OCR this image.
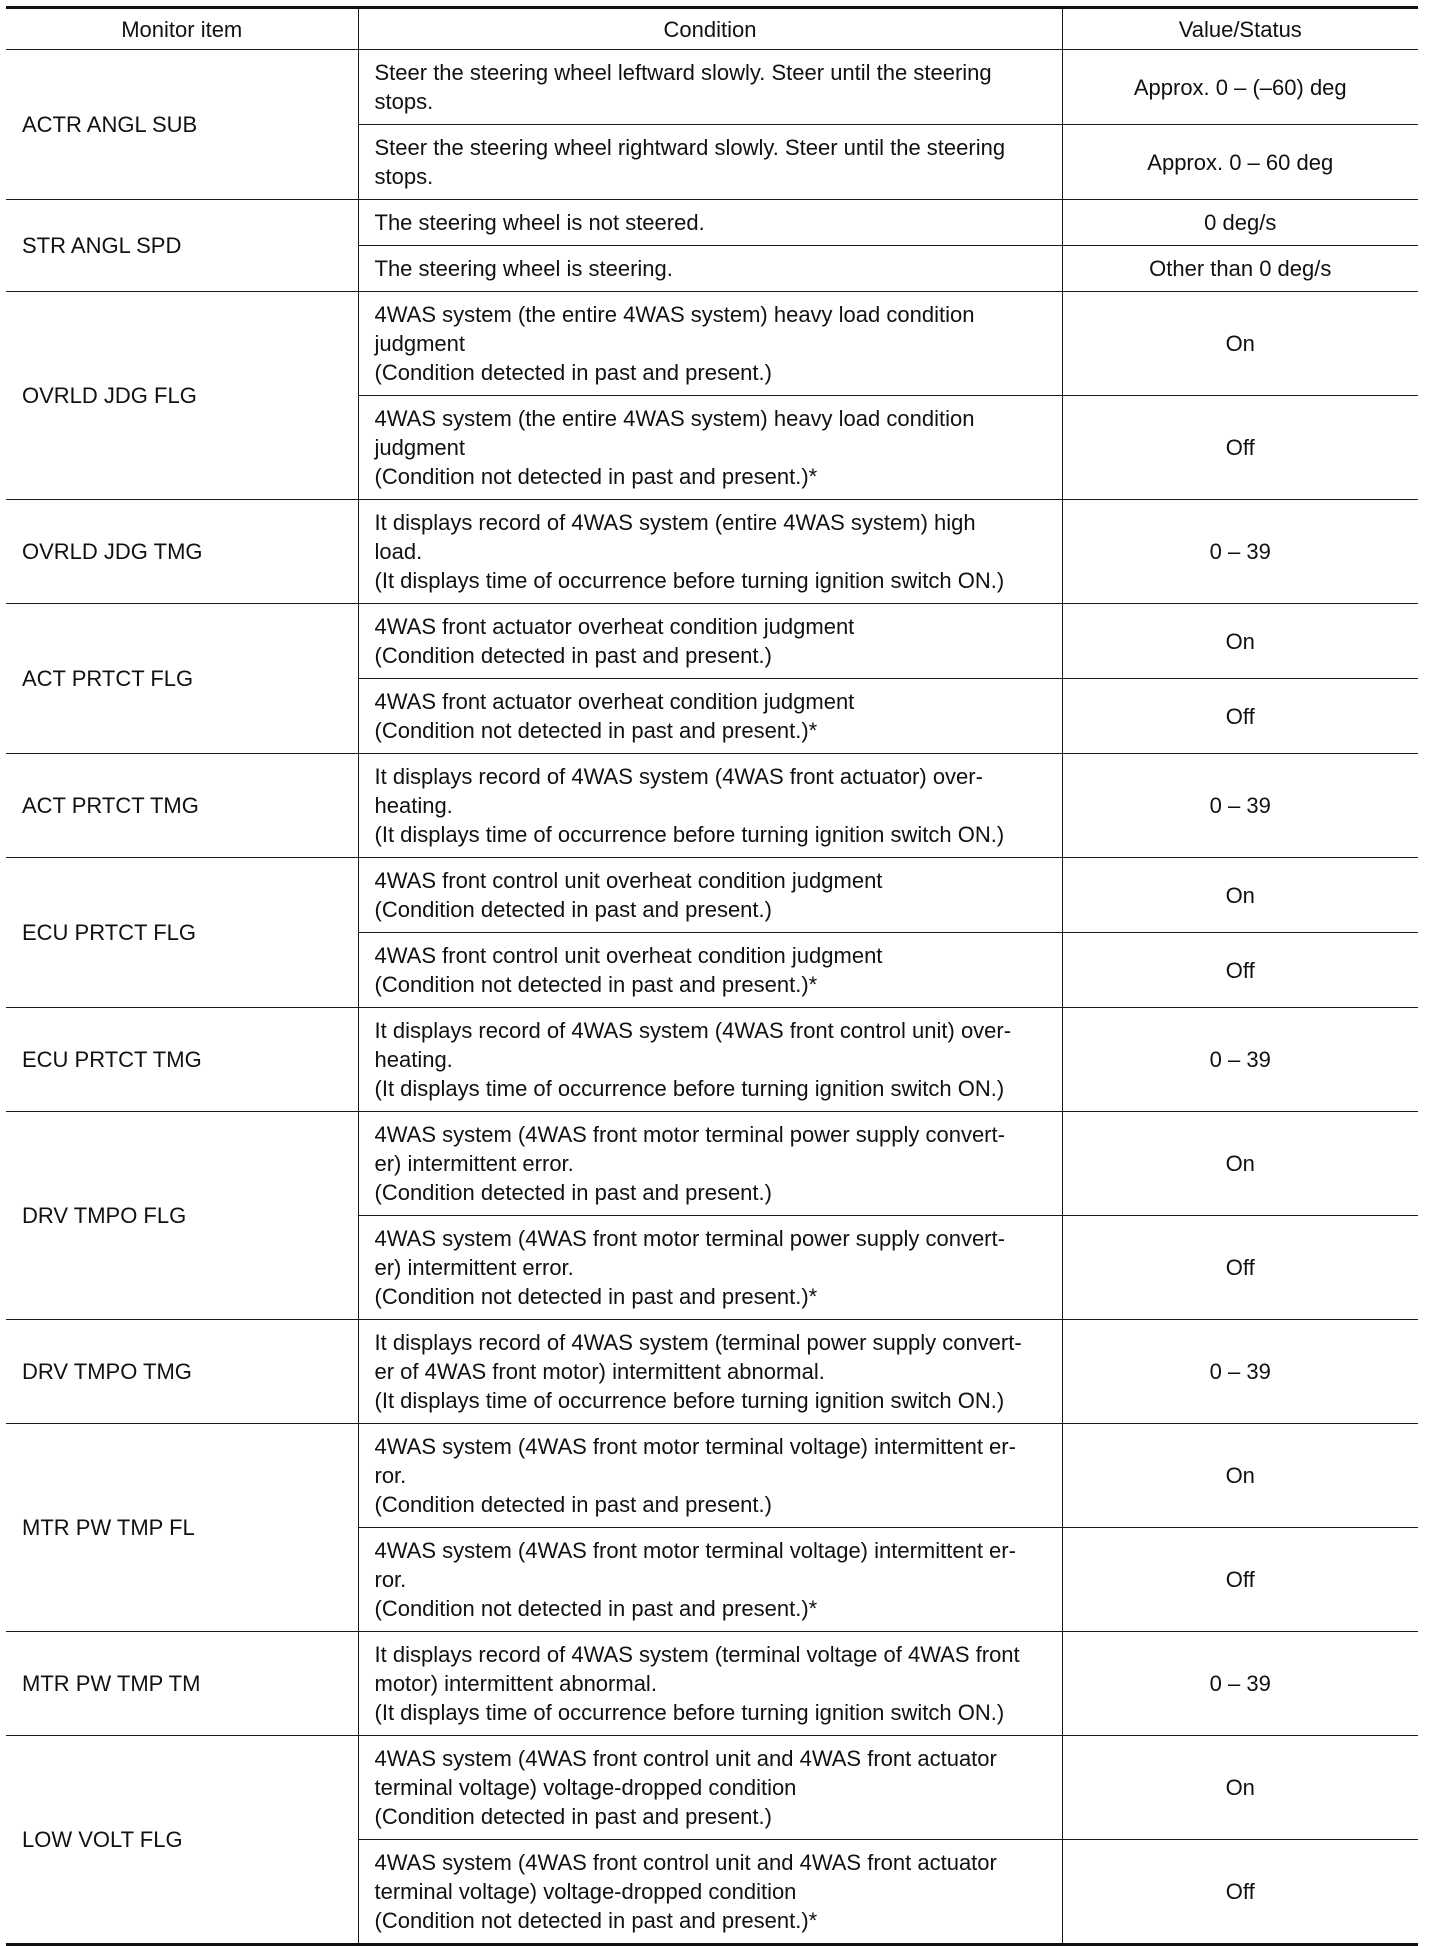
Monitor item	Condition	Value/Status
ACTR ANGL SUB	Steer the steering wheel leftward slowly. Steer until the steering
stops.	Approx. 0 – (–60) deg
	Steer the steering wheel rightward slowly. Steer until the steering
stops.	Approx. 0 – 60 deg
STR ANGL SPD	The steering wheel is not steered.	0 deg/s
	The steering wheel is steering.	Other than 0 deg/s
OVRLD JDG FLG	4WAS system (the entire 4WAS system) heavy load condition
judgment
(Condition detected in past and present.)	On
	4WAS system (the entire 4WAS system) heavy load condition
judgment
(Condition not detected in past and present.)*	Off
OVRLD JDG TMG	It displays record of 4WAS system (entire 4WAS system) high
load.
(It displays time of occurrence before turning ignition switch ON.)	0 – 39
ACT PRTCT FLG	4WAS front actuator overheat condition judgment
(Condition detected in past and present.)	On
	4WAS front actuator overheat condition judgment
(Condition not detected in past and present.)*	Off
ACT PRTCT TMG	It displays record of 4WAS system (4WAS front actuator) over-
heating.
(It displays time of occurrence before turning ignition switch ON.)	0 – 39
ECU PRTCT FLG	4WAS front control unit overheat condition judgment
(Condition detected in past and present.)	On
	4WAS front control unit overheat condition judgment
(Condition not detected in past and present.)*	Off
ECU PRTCT TMG	It displays record of 4WAS system (4WAS front control unit) over-
heating.
(It displays time of occurrence before turning ignition switch ON.)	0 – 39
DRV TMPO FLG	4WAS system (4WAS front motor terminal power supply convert-
er) intermittent error.
(Condition detected in past and present.)	On
	4WAS system (4WAS front motor terminal power supply convert-
er) intermittent error.
(Condition not detected in past and present.)*	Off
DRV TMPO TMG	It displays record of 4WAS system (terminal power supply convert-
er of 4WAS front motor) intermittent abnormal.
(It displays time of occurrence before turning ignition switch ON.)	0 – 39
MTR PW TMP FL	4WAS system (4WAS front motor terminal voltage) intermittent er-
ror.
(Condition detected in past and present.)	On
	4WAS system (4WAS front motor terminal voltage) intermittent er-
ror.
(Condition not detected in past and present.)*	Off
MTR PW TMP TM	It displays record of 4WAS system (terminal voltage of 4WAS front
motor) intermittent abnormal.
(It displays time of occurrence before turning ignition switch ON.)	0 – 39
LOW VOLT FLG	4WAS system (4WAS front control unit and 4WAS front actuator
terminal voltage) voltage-dropped condition
(Condition detected in past and present.)	On
	4WAS system (4WAS front control unit and 4WAS front actuator
terminal voltage) voltage-dropped condition
(Condition not detected in past and present.)*	Off
